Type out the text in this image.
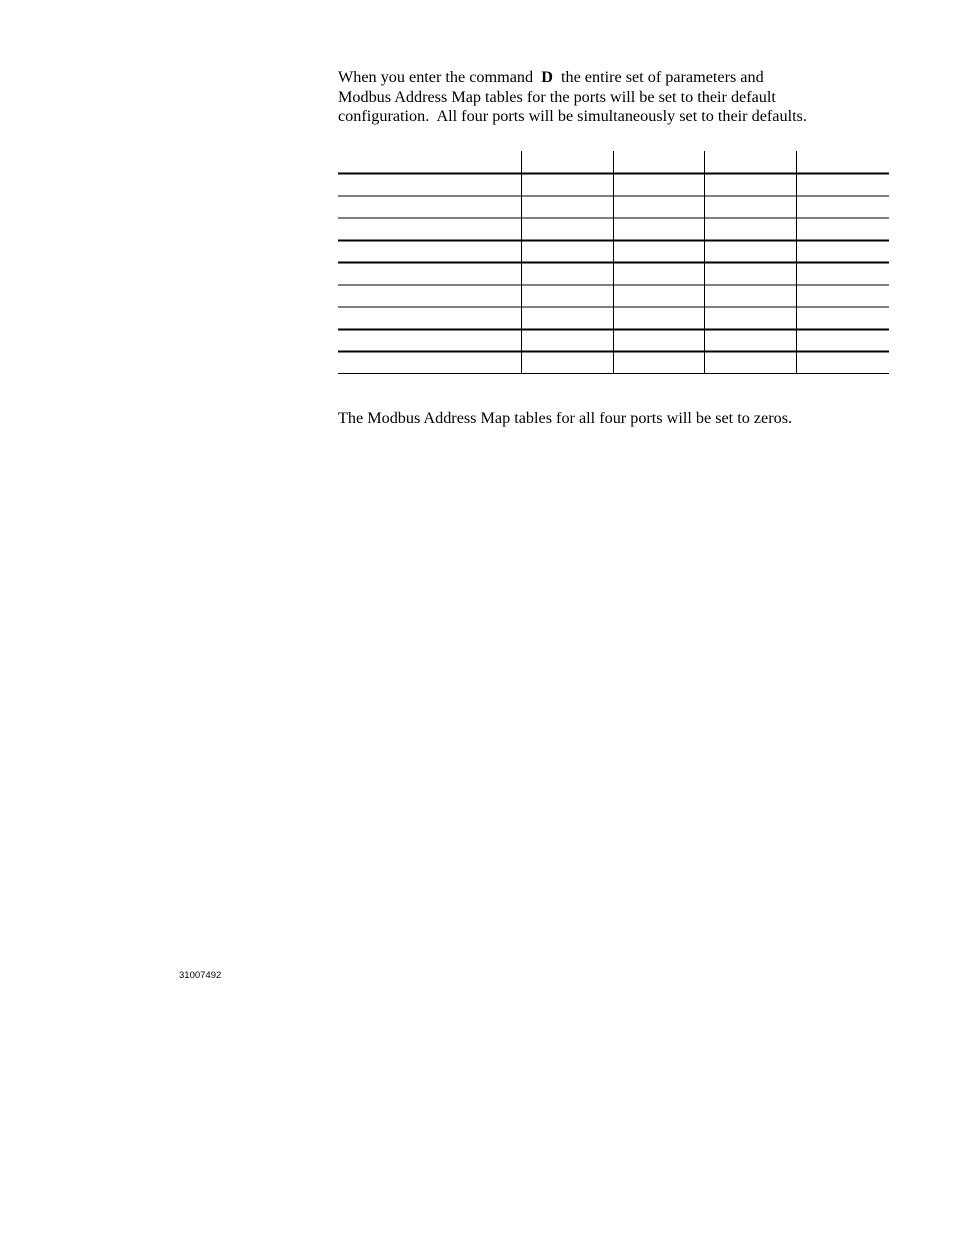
When you enter the command  D  the entire set of parameters and
Modbus Address Map tables for the ports will be set to their default
configuration.  All four ports will be simultaneously set to their defaults.
The Modbus Address Map tables for all four ports will be set to zeros.
31007492
